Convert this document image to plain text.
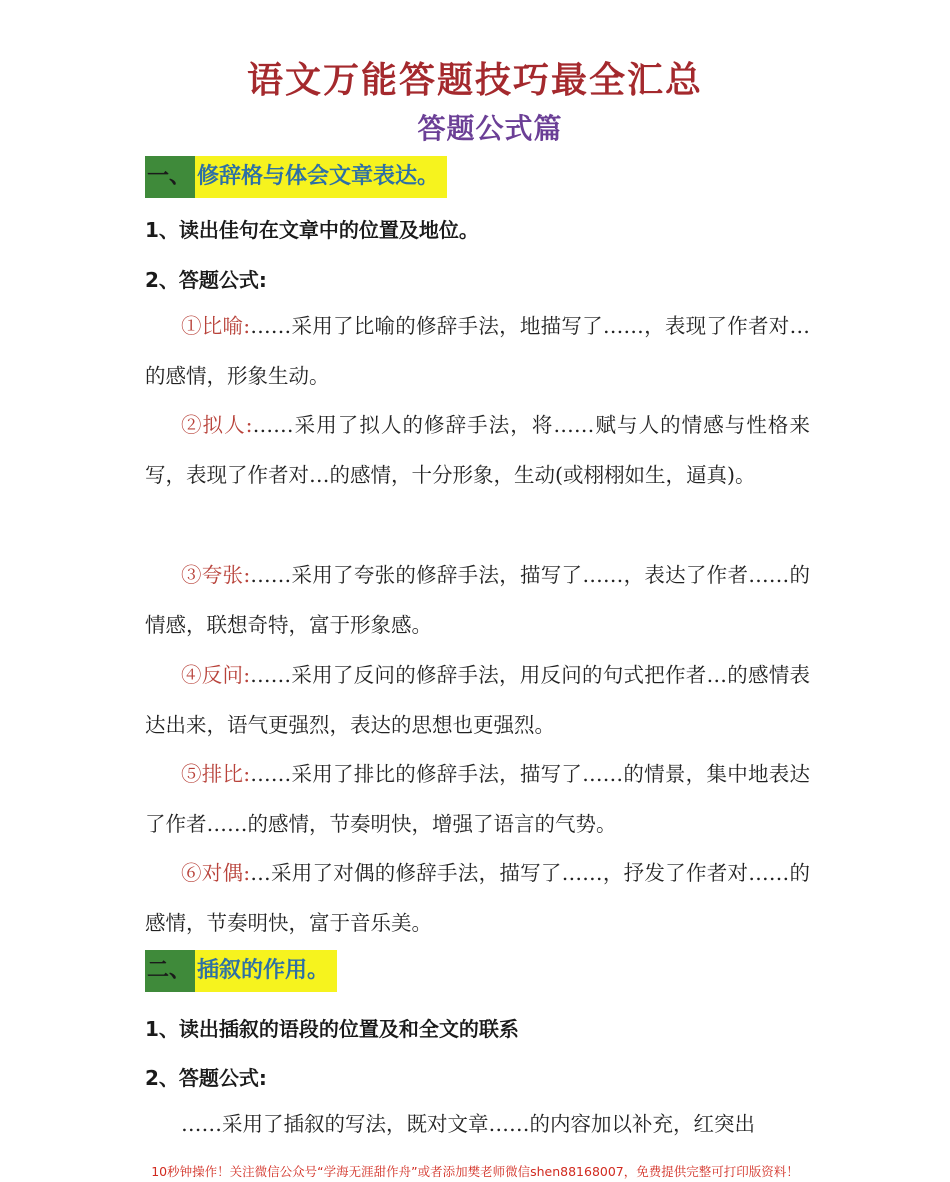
语文万能答题技巧最全汇总
答题公式篇
一、 修辞格与体会文章表达。
1、读出佳句在文章中的位置及地位。
2、答题公式:
①比喻:……采用了比喻的修辞手法，地描写了……，表现了作者对…的感情，形象生动。
②拟人:……采用了拟人的修辞手法，将……赋与人的情感与性格来写，表现了作者对…的感情，十分形象，生动(或栩栩如生，逼真)。
③夸张:……采用了夸张的修辞手法，描写了……，表达了作者……的情感，联想奇特，富于形象感。
④反问:……采用了反问的修辞手法，用反问的句式把作者…的感情表达出来，语气更强烈，表达的思想也更强烈。
⑤排比:……采用了排比的修辞手法，描写了……的情景，集中地表达了作者……的感情，节奏明快，增强了语言的气势。
⑥对偶:…采用了对偶的修辞手法，描写了……，抒发了作者对……的感情，节奏明快，富于音乐美。
二、 插叙的作用。
1、读出插叙的语段的位置及和全文的联系
2、答题公式:
……采用了插叙的写法，既对文章……的内容加以补充，红突出
10秒钟操作！关注微信公众号“学海无涯甜作舟”或者添加樊老师微信shen88168007，免费提供完整可打印版资料！
